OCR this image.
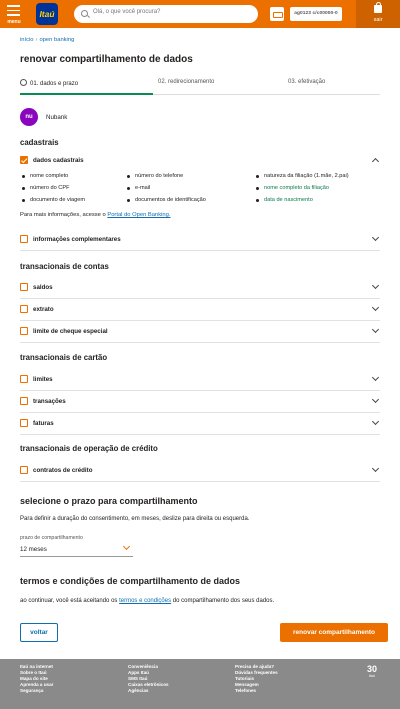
menu
Itaú	Olá, o que você procura?	ag0123 c/c00000-0
sair
início › open banking
renovar compartilhamento de dados
01. dados e prazo	02. redirecionamento	03. efetivação
nu	Nubank
cadastrais
dados cadastrais
nome completo	número do telefone	natureza da filiação (1.mãe, 2.pai)
número do CPF	e-mail	nome completo da filiação
documento de viagem	documentos de identificação	data de nascimento
Para mais informações, acesse o Portal do Open Banking.
informações complementares
transacionais de contas
saldos
extrato
limite de cheque especial
transacionais de cartão
limites
transações
faturas
transacionais de operação de crédito
contratos de crédito
selecione o prazo para compartilhamento
Para definir a duração do consentimento, em meses, deslize para direita ou esquerda.
prazo de compartilhamento
12 meses
termos e condições de compartilhamento de dados
ao continuar, você está aceitando os termos e condições do compartilhamento dos seus dados.
voltar	renovar compartilhamento
Itaú na internet
Sobre o Itaú
Mapa do site
Aprenda a usar
Segurança
Conveniência
Apps Itaú
SMS Itaú
Caixas eletrônicos
Agências
Precisa de ajuda?
Dúvidas frequentes
Tutoriais
Mensagem
Telefones
30
Itaú
